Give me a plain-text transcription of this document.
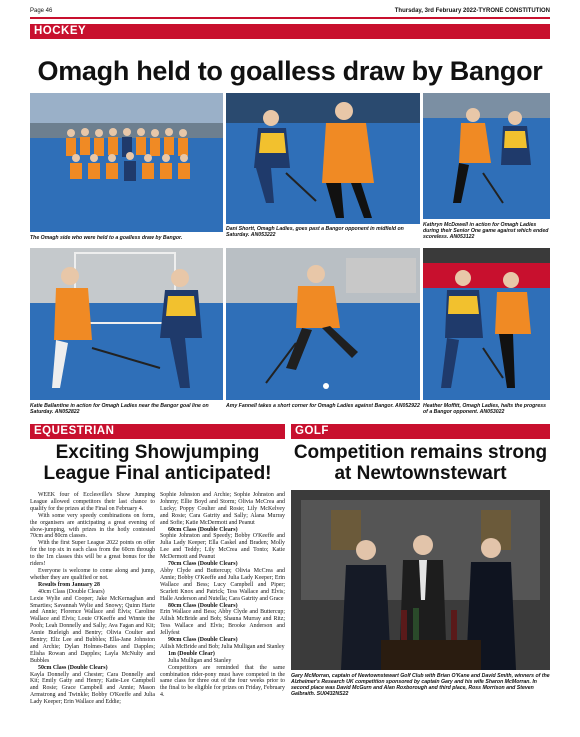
Page 46	Thursday, 3rd February 2022-TYRONE CONSTITUTION
HOCKEY
Omagh held to goalless draw by Bangor
The Omagh side who were held to a goalless draw by Bangor.
Dani Shortt, Omagh Ladies, goes past a Bangor opponent in midfield on Saturday. AN053222
Kathryn McDowell in action for Omagh Ladies during their Senior One game against which ended scoreless. AN053122
Katie Ballantine in action for Omagh Ladies near the Bangor goal line on Saturday. AN052822
Amy Fannell takes a short corner for Omagh Ladies against Bangor. AN052922 Heather Moffitt, Omagh Ladies, halts the progress of a Bangor opponent. AN053022
EQUESTRIAN
Exciting Showjumping League Final anticipated!

WEEK four of Ecclesville's Show Jumping League allowed competitors their last chance to qualify for the prizes at the Final on February 4.

With some very speedy combinations on form, the organisers are anticipating a great evening of show-jumping, with prizes in the hotly contested 70cm and 80cm classes.

With the first Super League 2022 points on offer for the top six in each class from the 60cm through to the 1m classes this will be a great bonus for the riders!

Everyone is welcome to come along and jump, whether they are qualified or not.

Results from January 28

40cm Class (Double Clears)

Lexie Wylie and Cooper; Jake McKernaghan and Smarties; Savannah Wylie and Snowy; Quinn Harte and Annie; Florence Wallace and Elvis; Caroline Wallace and Elvis; Louie O'Keeffe and Winnie the Pooh; Leah Donnelly and Sally; Ava Fagan and Kit; Annie Burleigh and Bentry; Olivia Coulter and Bentry; Eliz Lee and Bubbles; Ella-Jane Johnston and Archie; Dylan Holmes-Bates and Dapples; Elisha Rowan and Dapples; Layla McNulty and Bubbles

50cm Class (Double Clears)

Kayla Donnelly and Chester; Cara Donnelly and Kit; Emily Gatty and Henry; Katie-Lee Campbell and Rosie; Grace Campbell and Annie; Mason Armstrong and Twinkle; Bobby O'Keeffe and Julia Lady Keeper; Erin Wallace and Eddie;

Sophie Johnston and Archie; Sophie Johnston and Johnny; Ellie Boyd and Storm; Olivia McCrea and Lucky; Poppy Coulter and Rosie; Lily McKelvey and Rosie; Cara Gatrity and Sally; Alana Murray and Sofie; Katie McDermott and Peanut

60cm Class (Double Clears)

Sophie Johnston and Speedy; Bobby O'Keeffe and Julia Lady Keeper; Ella Caskel and Braden; Molly Lee and Teddy; Lily McCrea and Tonto; Katie McDermott and Peanut

70cm Class (Double Clears)

Abby Clyde and Buttercup; Olivia McCrea and Annie; Bobby O'Keeffe and Julia Lady Keeper; Erin Wallace and Bess; Lucy Campbell and Piper; Scarlett Knox and Patrick; Tess Wallace and Elvis; Halle Anderson and Nutella; Cara Gatrity and Grace

80cm Class (Double Clears)

Erin Wallace and Bess; Abby Clyde and Buttercup; Ailish McBride and Bob; Shauna Murray and Ritz; Tess Wallace and Elvis; Brooke Anderson and Jellyfest

90cm Class (Double Clears)

Ailish McBride and Bob; Julia Mulligan and Stanley

1m (Double Clear)

Julia Mulligan and Stanley

Competitors are reminded that the same combination rider-pony must have competed in the same class for three out of the four weeks prior to the final to be eligible for prizes on Friday, February 4.

GOLF
Competition remains strong at Newtownstewart
Gary McMorran, captain of Newtownstewart Golf Club with Brian O'Kane and David Smith, winners of the Alzheimer's Research UK competition sponsored by captain Gary and his wife Sharon McMorran. In second place was David McGurn and Alan Roxborough and third place, Ross Morrison and Steven Galbraith. SU0432NS22
